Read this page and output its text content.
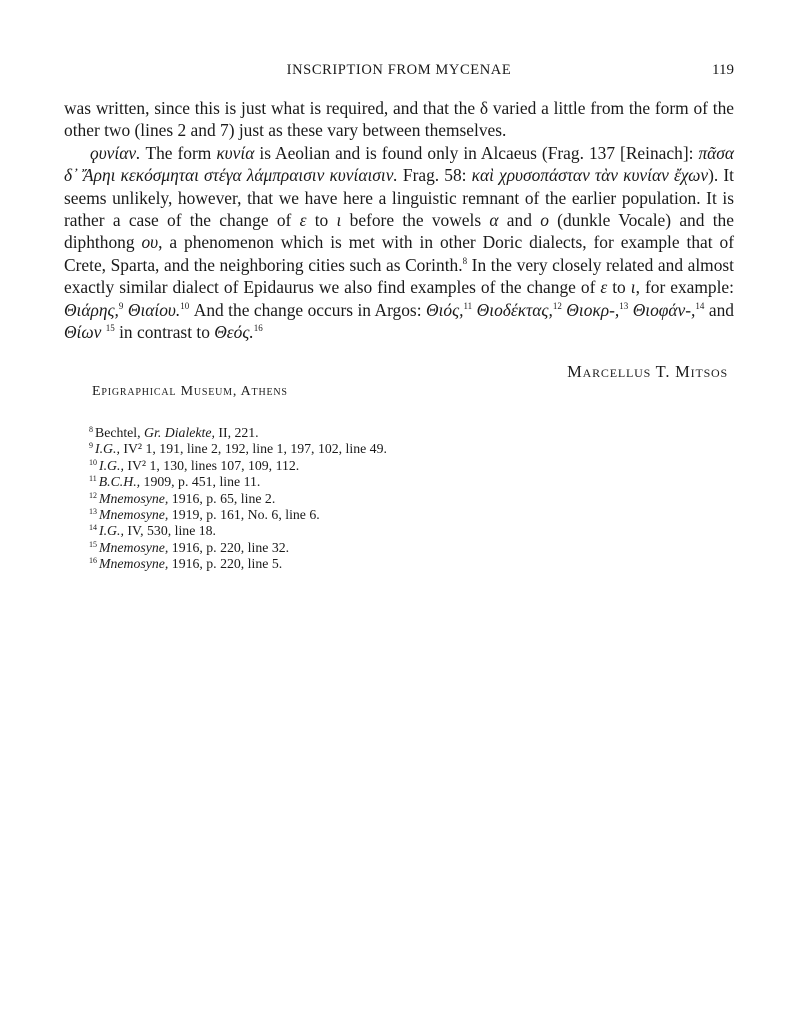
INSCRIPTION FROM MYCENAE	119

was written, since this is just what is required, and that the δ varied a little from the form of the other two (lines 2 and 7) just as these vary between themselves.

ϙυνίαν. The form κυνία is Aeolian and is found only in Alcaeus (Frag. 137 [Reinach]: πᾶσα δ᾽ Ἄρηι κεκόσμηται στέγα λάμπραισιν κυνίαισιν. Frag. 58: καὶ χρυσοπάσταν τὰν κυνίαν ἔχων). It seems unlikely, however, that we have here a linguistic remnant of the earlier population. It is rather a case of the change of ε to ι before the vowels α and ο (dunkle Vocale) and the diphthong ου, a phenomenon which is met with in other Doric dialects, for example that of Crete, Sparta, and the neighboring cities such as Corinth.$^8$ In the very closely related and almost exactly similar dialect of Epidaurus we also find examples of the change of ε to ι, for example: Θιάρης,$^9$ Θιαίου.$^{10}$ And the change occurs in Argos: Θιός,$^{11}$ Θιοδέκτας,$^{12}$ Θιοκρ-,$^{13}$ Θιοφάν-,$^{14}$ and Θίων $^{15}$ in contrast to Θεός.$^{16}$

Marcellus T. Mitsos
Epigraphical Museum, Athens
$^8$ Bechtel, Gr. Dialekte, II, 221.
$^9$ I.G., IV² 1, 191, line 2, 192, line 1, 197, 102, line 49.
$^{10}$ I.G., IV² 1, 130, lines 107, 109, 112.
$^{11}$ B.C.H., 1909, p. 451, line 11.
$^{12}$ Mnemosyne, 1916, p. 65, line 2.
$^{13}$ Mnemosyne, 1919, p. 161, No. 6, line 6.
$^{14}$ I.G., IV, 530, line 18.
$^{15}$ Mnemosyne, 1916, p. 220, line 32.
$^{16}$ Mnemosyne, 1916, p. 220, line 5.
